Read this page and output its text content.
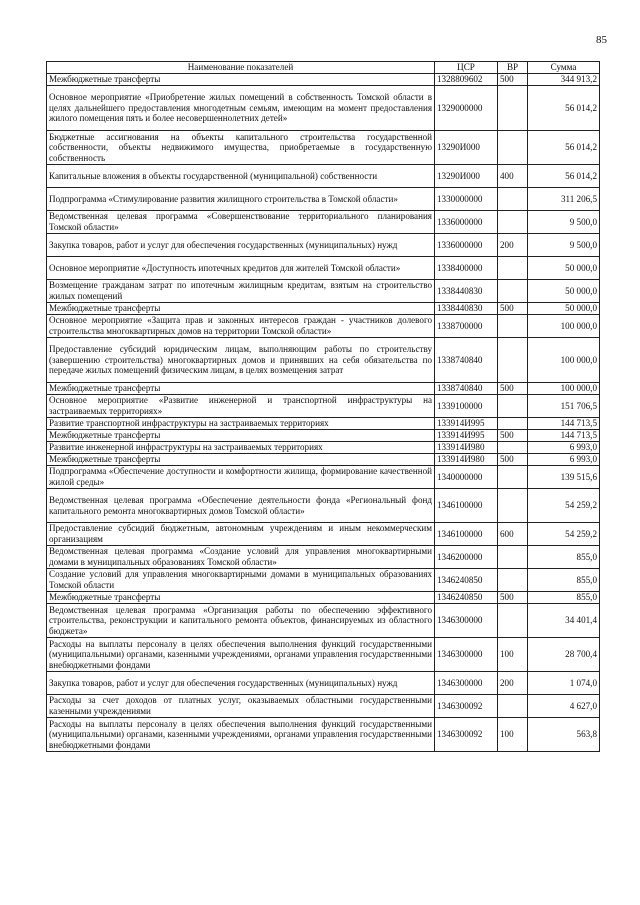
85
Наименование показателей	ЦСР	ВР	Сумма
Межбюджетные трансферты	1328809602	500	344 913,2
Основное мероприятие «Приобретение жилых помещений в собственность Томской области в целях дальнейшего предоставления многодетным семьям, имеющим на момент предоставления жилого помещения пять и более несовершеннолетних детей»	1329000000		56 014,2
Бюджетные ассигнования на объекты капитального строительства государственной собственности, объекты недвижимого имущества, приобретаемые в государственную собственность	13290И000		56 014,2
Капитальные вложения в объекты государственной (муниципальной) собственности	13290И000	400	56 014,2
Подпрограмма «Стимулирование развития жилищного строительства в Томской области»	1330000000		311 206,5
Ведомственная целевая программа «Совершенствование территориального планирования Томской области»	1336000000		9 500,0
Закупка товаров, работ и услуг для обеспечения государственных (муниципальных) нужд	1336000000	200	9 500,0
Основное мероприятие «Доступность ипотечных кредитов для жителей Томской области»	1338400000		50 000,0
Возмещение гражданам затрат по ипотечным жилищным кредитам, взятым на строительство жилых помещений	1338440830		50 000,0
Межбюджетные трансферты	1338440830	500	50 000,0
Основное мероприятие «Защита прав и законных интересов граждан - участников долевого строительства многоквартирных домов на территории Томской области»	1338700000		100 000,0
Предоставление субсидий юридическим лицам, выполняющим работы по строительству (завершению строительства) многоквартирных домов и принявших на себя обязательства по передаче жилых помещений физическим лицам, в целях возмещения затрат	1338740840		100 000,0
Межбюджетные трансферты	1338740840	500	100 000,0
Основное мероприятие «Развитие инженерной и транспортной инфраструктуры на застраиваемых территориях»	1339100000		151 706,5
Развитие транспортной инфраструктуры на застраиваемых территориях	133914И995		144 713,5
Межбюджетные трансферты	133914И995	500	144 713,5
Развитие инженерной инфраструктуры на застраиваемых территориях	133914И980		6 993,0
Межбюджетные трансферты	133914И980	500	6 993,0
Подпрограмма «Обеспечение доступности и комфортности жилища, формирование качественной жилой среды»	1340000000		139 515,6
Ведомственная целевая программа «Обеспечение деятельности фонда «Региональный фонд капитального ремонта многоквартирных домов Томской области»	1346100000		54 259,2
Предоставление субсидий бюджетным, автономным учреждениям и иным некоммерческим организациям	1346100000	600	54 259,2
Ведомственная целевая программа «Создание условий для управления многоквартирными домами в муниципальных образованиях Томской области»	1346200000		855,0
Создание условий для управления многоквартирными домами в муниципальных образованиях Томской области	1346240850		855,0
Межбюджетные трансферты	1346240850	500	855,0
Ведомственная целевая программа «Организация работы по обеспечению эффективного строительства, реконструкции и капитального ремонта объектов, финансируемых из областного бюджета»	1346300000		34 401,4
Расходы на выплаты персоналу в целях обеспечения выполнения функций государственными (муниципальными) органами, казенными учреждениями, органами управления государственными внебюджетными фондами	1346300000	100	28 700,4
Закупка товаров, работ и услуг для обеспечения государственных (муниципальных) нужд	1346300000	200	1 074,0
Расходы за счет доходов от платных услуг, оказываемых областными государственными казенными учреждениями	1346300092		4 627,0
Расходы на выплаты персоналу в целях обеспечения выполнения функций государственными (муниципальными) органами, казенными учреждениями, органами управления государственными внебюджетными фондами	1346300092	100	563,8
